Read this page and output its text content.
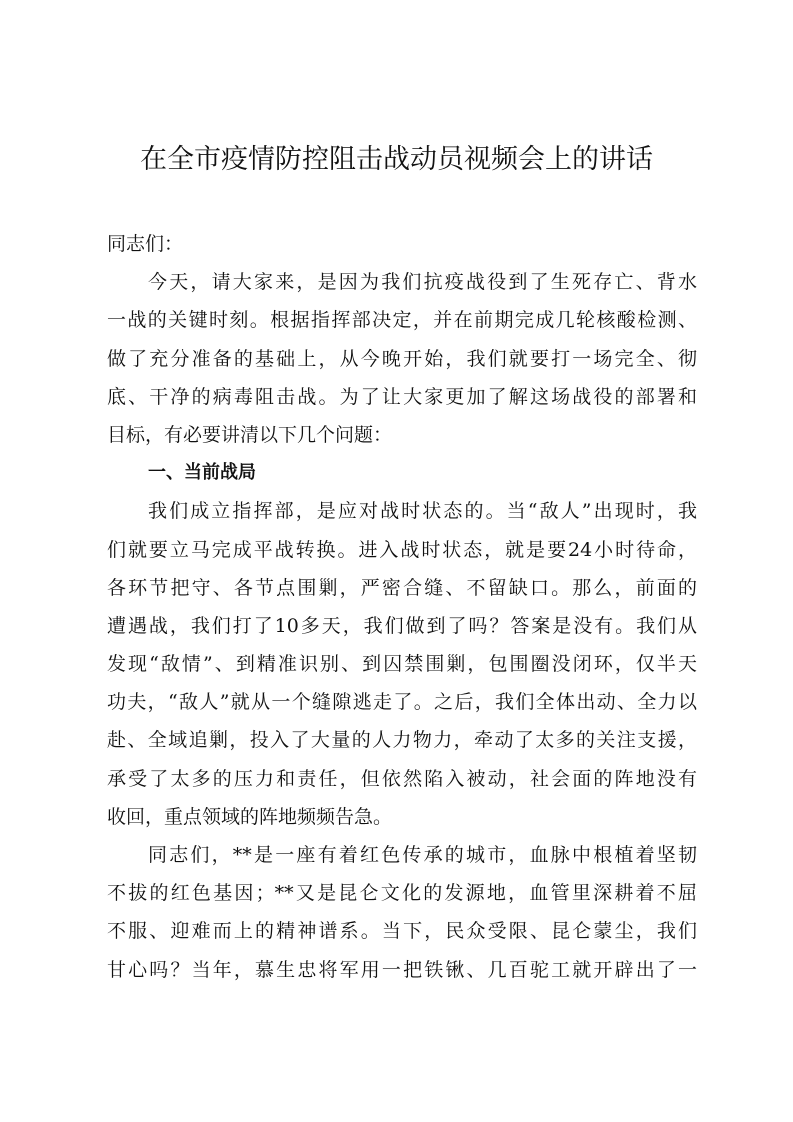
在全市疫情防控阻击战动员视频会上的讲话
同志们：
今天，请大家来，是因为我们抗疫战役到了生死存亡、背水
一战的关键时刻。根据指挥部决定，并在前期完成几轮核酸检测、
做了充分准备的基础上，从今晚开始，我们就要打一场完全、彻
底、干净的病毒阻击战。为了让大家更加了解这场战役的部署和
目标，有必要讲清以下几个问题：
一、当前战局
我们成立指挥部，是应对战时状态的。当“敌人”出现时，我
们就要立马完成平战转换。进入战时状态，就是要24小时待命，
各环节把守、各节点围剿，严密合缝、不留缺口。那么，前面的
遭遇战，我们打了10多天，我们做到了吗？答案是没有。我们从
发现“敌情”、到精准识别、到囚禁围剿，包围圈没闭环，仅半天
功夫，“敌人”就从一个缝隙逃走了。之后，我们全体出动、全力以
赴、全域追剿，投入了大量的人力物力，牵动了太多的关注支援，
承受了太多的压力和责任，但依然陷入被动，社会面的阵地没有
收回，重点领域的阵地频频告急。
同志们，**是一座有着红色传承的城市，血脉中根植着坚韧
不拔的红色基因；**又是昆仑文化的发源地，血管里深耕着不屈
不服、迎难而上的精神谱系。当下，民众受限、昆仑蒙尘，我们
甘心吗？当年，慕生忠将军用一把铁锹、几百驼工就开辟出了一
